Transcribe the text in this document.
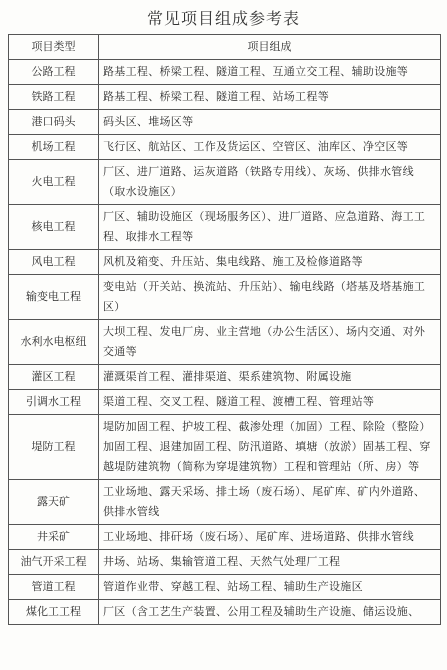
常见项目组成参考表
项目类型	项目组成
公路工程	路基工程、桥梁工程、隧道工程、互通立交工程、辅助设施等
铁路工程	路基工程、桥梁工程、隧道工程、站场工程等
港口码头	码头区、堆场区等
机场工程	飞行区、航站区、工作及货运区、空管区、油库区、净空区等
火电工程	厂区、进厂道路、运灰道路（铁路专用线）、灰场、供排水管线（取水设施区）
核电工程	厂区、辅助设施区（现场服务区）、进厂道路、应急道路、海工工程、取排水工程等
风电工程	风机及箱变、升压站、集电线路、施工及检修道路等
输变电工程	变电站（开关站、换流站、升压站）、输电线路（塔基及塔基施工区）
水利水电枢纽	大坝工程、发电厂房、业主营地（办公生活区）、场内交通、对外交通等
灌区工程	灌溉渠首工程、灌排渠道、渠系建筑物、附属设施
引调水工程	渠道工程、交叉工程、隧道工程、渡槽工程、管理站等
堤防工程	堤防加固工程、护坡工程、截渗处理（加固）工程、除险（整险）加固工程、退建加固工程、防汛道路、填塘（放淤）固基工程、穿越堤防建筑物（简称为穿堤建筑物）工程和管理站（所、房）等
露天矿	工业场地、露天采场、排土场（废石场）、尾矿库、矿内外道路、供排水管线
井采矿	工业场地、排矸场（废石场）、尾矿库、进场道路、供排水管线
油气开采工程	井场、站场、集输管道工程、天然气处理厂工程
管道工程	管道作业带、穿越工程、站场工程、辅助生产设施区
煤化工工程	厂区（含工艺生产装置、公用工程及辅助生产设施、储运设施、
